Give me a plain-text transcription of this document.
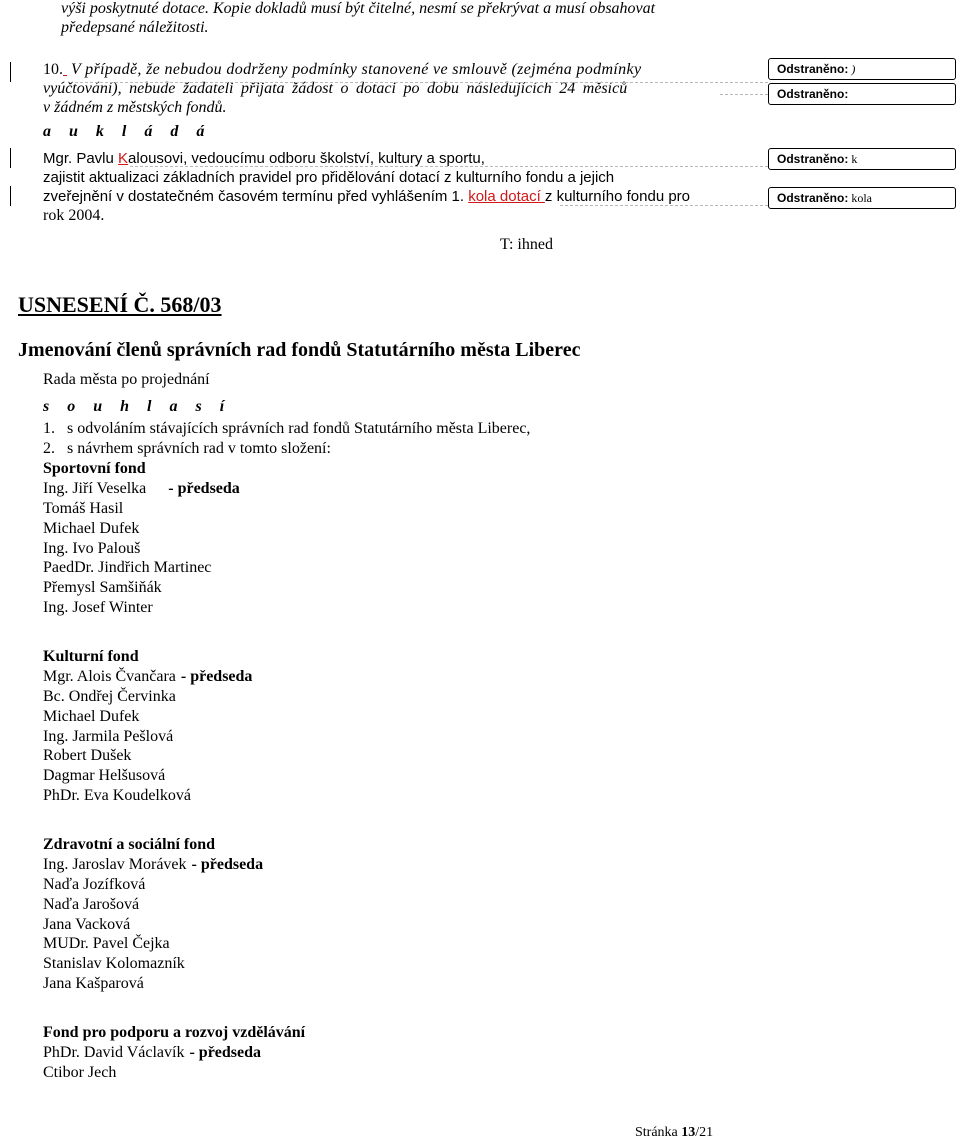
výši poskytnuté dotace. Kopie dokladů musí být čitelné, nesmí se překrývat a musí obsahovat
předepsané náležitosti.
10. V případě, že nebudou dodrženy podmínky stanovené ve smlouvě (zejména podmínky
vyúčtování), nebude žadateli přijata žádost o dotaci po dobu následujících 24 měsíců
v žádném z městských fondů.
a u k l á d á
Mgr. Pavlu Kalousovi, vedoucímu odboru školství, kultury a sportu,
zajistit aktualizaci základních pravidel pro přidělování dotací z kulturního fondu a jejich
zveřejnění v dostatečném časovém termínu před vyhlášením 1. kola dotací z kulturního fondu pro
rok 2004.
T: ihned
Odstraněno: )
Odstraněno:
Odstraněno: k
Odstraněno: kola
USNESENÍ Č. 568/03
Jmenování členů správních rad fondů Statutárního města Liberec
Rada města po projednání
s o u h l a s í
1.   s odvoláním stávajících správních rad fondů Statutárního města Liberec,
2.   s návrhem správních rad v tomto složení:
Sportovní fond
Ing. Jiří Veselka - předseda
Tomáš Hasil
Michael Dufek
Ing. Ivo Palouš
PaedDr. Jindřich Martinec
Přemysl Samšiňák
Ing. Josef Winter
Kulturní fond
Mgr. Alois Čvančara - předseda
Bc. Ondřej Červinka
Michael Dufek
Ing. Jarmila Pešlová
Robert Dušek
Dagmar Helšusová
PhDr. Eva Koudelková
Zdravotní a sociální fond
Ing. Jaroslav Morávek - předseda
Naďa Jozífková
Naďa Jarošová
Jana Vacková
MUDr. Pavel Čejka
Stanislav Kolomazník
Jana Kašparová
Fond pro podporu a rozvoj vzdělávání
PhDr. David Václavík - předseda
Ctibor Jech
Stránka 13/21
